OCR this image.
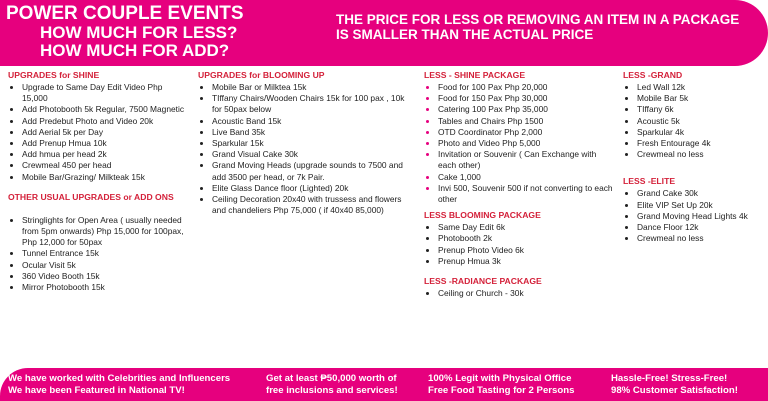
POWER COUPLE EVENTS
HOW MUCH FOR LESS?
HOW MUCH FOR ADD?
THE PRICE FOR LESS OR REMOVING AN ITEM IN A PACKAGE IS SMALLER THAN THE ACTUAL PRICE
UPGRADES for SHINE
• Upgrade to Same Day Edit Video Php 15,000
• Add Photobooth 5k Regular, 7500 Magnetic
• Add Predebut Photo and Video 20k
• Add Aerial 5k per Day
• Add Prenup Hmua 10k
• Add hmua per head 2k
• Crewmeal 450 per head
• Mobile Bar/Grazing/ Milkteak 15k
OTHER USUAL UPGRADES or ADD ONS
• Stringlights for Open Area ( usually needed from 5pm onwards) Php 15,000 for 100pax, Php 12,000 for 50pax
• Tunnel Entrance 15k
• Ocular Visit 5k
• 360 Video Booth 15k
• Mirror Photobooth 15k
UPGRADES for BLOOMING UP
• Mobile Bar or Milktea 15k
• TIffany Chairs/Wooden Chairs 15k for 100 pax , 10k for 50pax below
• Acoustic Band 15k
• Live Band 35k
• Sparkular 15k
• Grand Visual Cake 30k
• Grand Moving Heads (upgrade sounds to 7500 and add 3500 per head, or 7k Pair.
• Elite Glass Dance floor (Lighted) 20k
• Ceiling Decoration 20x40 with trussess and flowers and chandeliers Php 75,000 ( if 40x40 85,000)
LESS - SHINE PACKAGE
• Food for 100 Pax Php 20,000
• Food for 150 Pax Php 30,000
• Catering 100 Pax Php 35,000
• Tables and Chairs Php 1500
• OTD Coordinator Php 2,000
• Photo and Video Php 5,000
• Invitation or Souvenir ( Can Exchange with each other)
• Cake 1,000
• Invi 500, Souvenir 500 if not converting to each other
LESS BLOOMING PACKAGE
• Same Day Edit 6k
• Photobooth 2k
• Prenup Photo Video 6k
• Prenup Hmua 3k
LESS -RADIANCE PACKAGE
• Ceiling or Church - 30k
LESS -GRAND
• Led Wall 12k
• Mobile Bar 5k
• TIffany 6k
• Acoustic 5k
• Sparkular 4k
• Fresh Entourage 4k
• Crewmeal no less
LESS -ELITE
• Grand Cake 30k
• Elite VIP Set Up 20k
• Grand Moving Head Lights 4k
• Dance Floor 12k
• Crewmeal no less
We have worked with Celebrities and Influencers
We have been Featured in National TV!
Get at least ₱50,000 worth of
free inclusions and services!
100% Legit with Physical Office
Free Food Tasting for 2 Persons
Hassle-Free! Stress-Free!
98% Customer Satisfaction!
